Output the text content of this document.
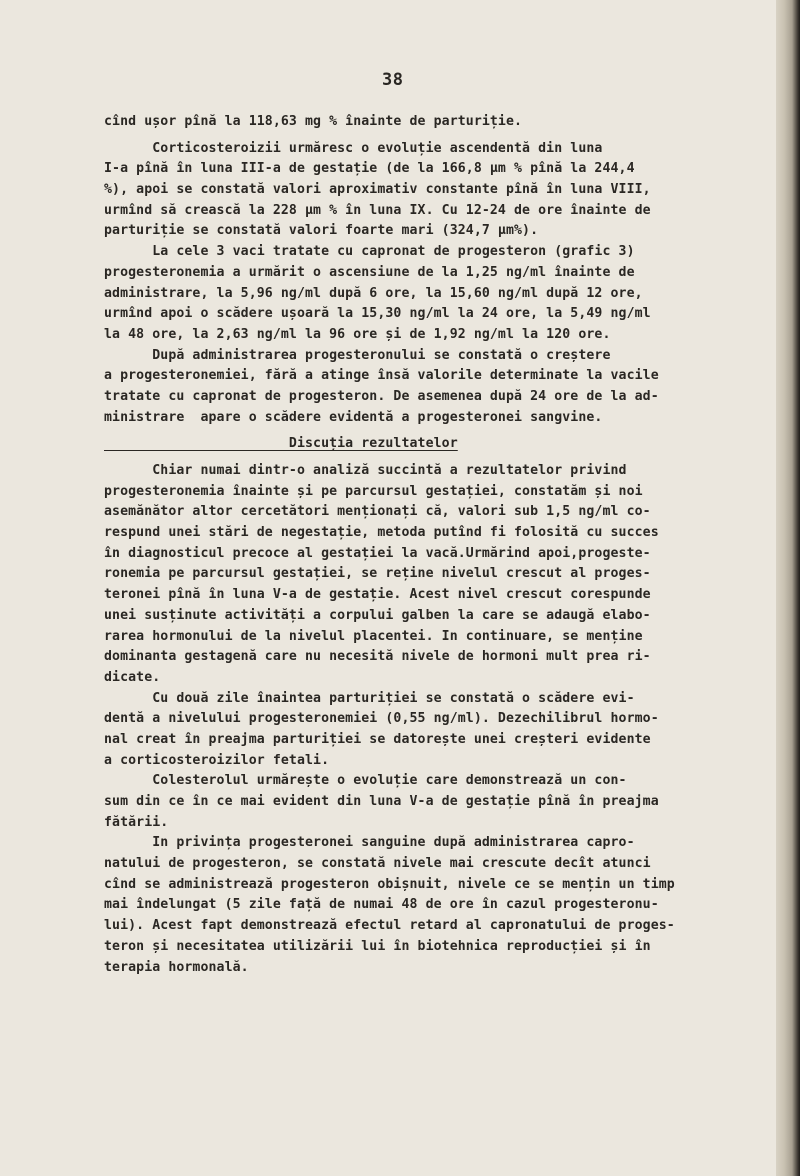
38
cînd ușor pînă la 118,63 mg % înainte de parturiție.
Corticosteroizii urmăresc o evoluție ascendentă din luna
I-a pînă în luna III-a de gestație (de la 166,8 μm % pînă la 244,4
%), apoi se constată valori aproximativ constante pînă în luna VIII,
urmînd să crească la 228 μm % în luna IX. Cu 12-24 de ore înainte de
parturiție se constată valori foarte mari (324,7 μm%).
La cele 3 vaci tratate cu capronat de progesteron (grafic 3)
progesteronemia a urmărit o ascensiune de la 1,25 ng/ml înainte de
administrare, la 5,96 ng/ml după 6 ore, la 15,60 ng/ml după 12 ore,
urmînd apoi o scădere ușoară la 15,30 ng/ml la 24 ore, la 5,49 ng/ml
la 48 ore, la 2,63 ng/ml la 96 ore și de 1,92 ng/ml la 120 ore.
După administrarea progesteronului se constată o creștere
a progesteronemiei, fără a atinge însă valorile determinate la vacile
tratate cu capronat de progesteron. De asemenea după 24 ore de la ad-
ministrare  apare o scădere evidentă a progesteronei sangvine.
Discuția rezultatelor
Chiar numai dintr-o analiză succintă a rezultatelor privind
progesteronemia înainte și pe parcursul gestației, constatăm și noi
asemănător altor cercetători menționați că, valori sub 1,5 ng/ml co-
respund unei stări de negestație, metoda putînd fi folosită cu succes
în diagnosticul precoce al gestației la vacă.Urmărind apoi,progeste-
ronemia pe parcursul gestației, se reține nivelul crescut al proges-
teronei pînă în luna V-a de gestație. Acest nivel crescut corespunde
unei susținute activități a corpului galben la care se adaugă elabo-
rarea hormonului de la nivelul placentei. In continuare, se menține
dominanta gestagenă care nu necesită nivele de hormoni mult prea ri-
dicate.
Cu două zile înaintea parturiției se constată o scădere evi-
dentă a nivelului progesteronemiei (0,55 ng/ml). Dezechilibrul hormo-
nal creat în preajma parturiției se datorește unei creșteri evidente
a corticosteroizilor fetali.
Colesterolul urmărește o evoluție care demonstrează un con-
sum din ce în ce mai evident din luna V-a de gestație pînă în preajma
fătării.
In privința progesteronei sanguine după administrarea capro-
natului de progesteron, se constată nivele mai crescute decît atunci
cînd se administrează progesteron obișnuit, nivele ce se mențin un timp
mai îndelungat (5 zile față de numai 48 de ore în cazul progesteronu-
lui). Acest fapt demonstrează efectul retard al capronatului de proges-
teron și necesitatea utilizării lui în biotehnica reproducției și în
terapia hormonală.
